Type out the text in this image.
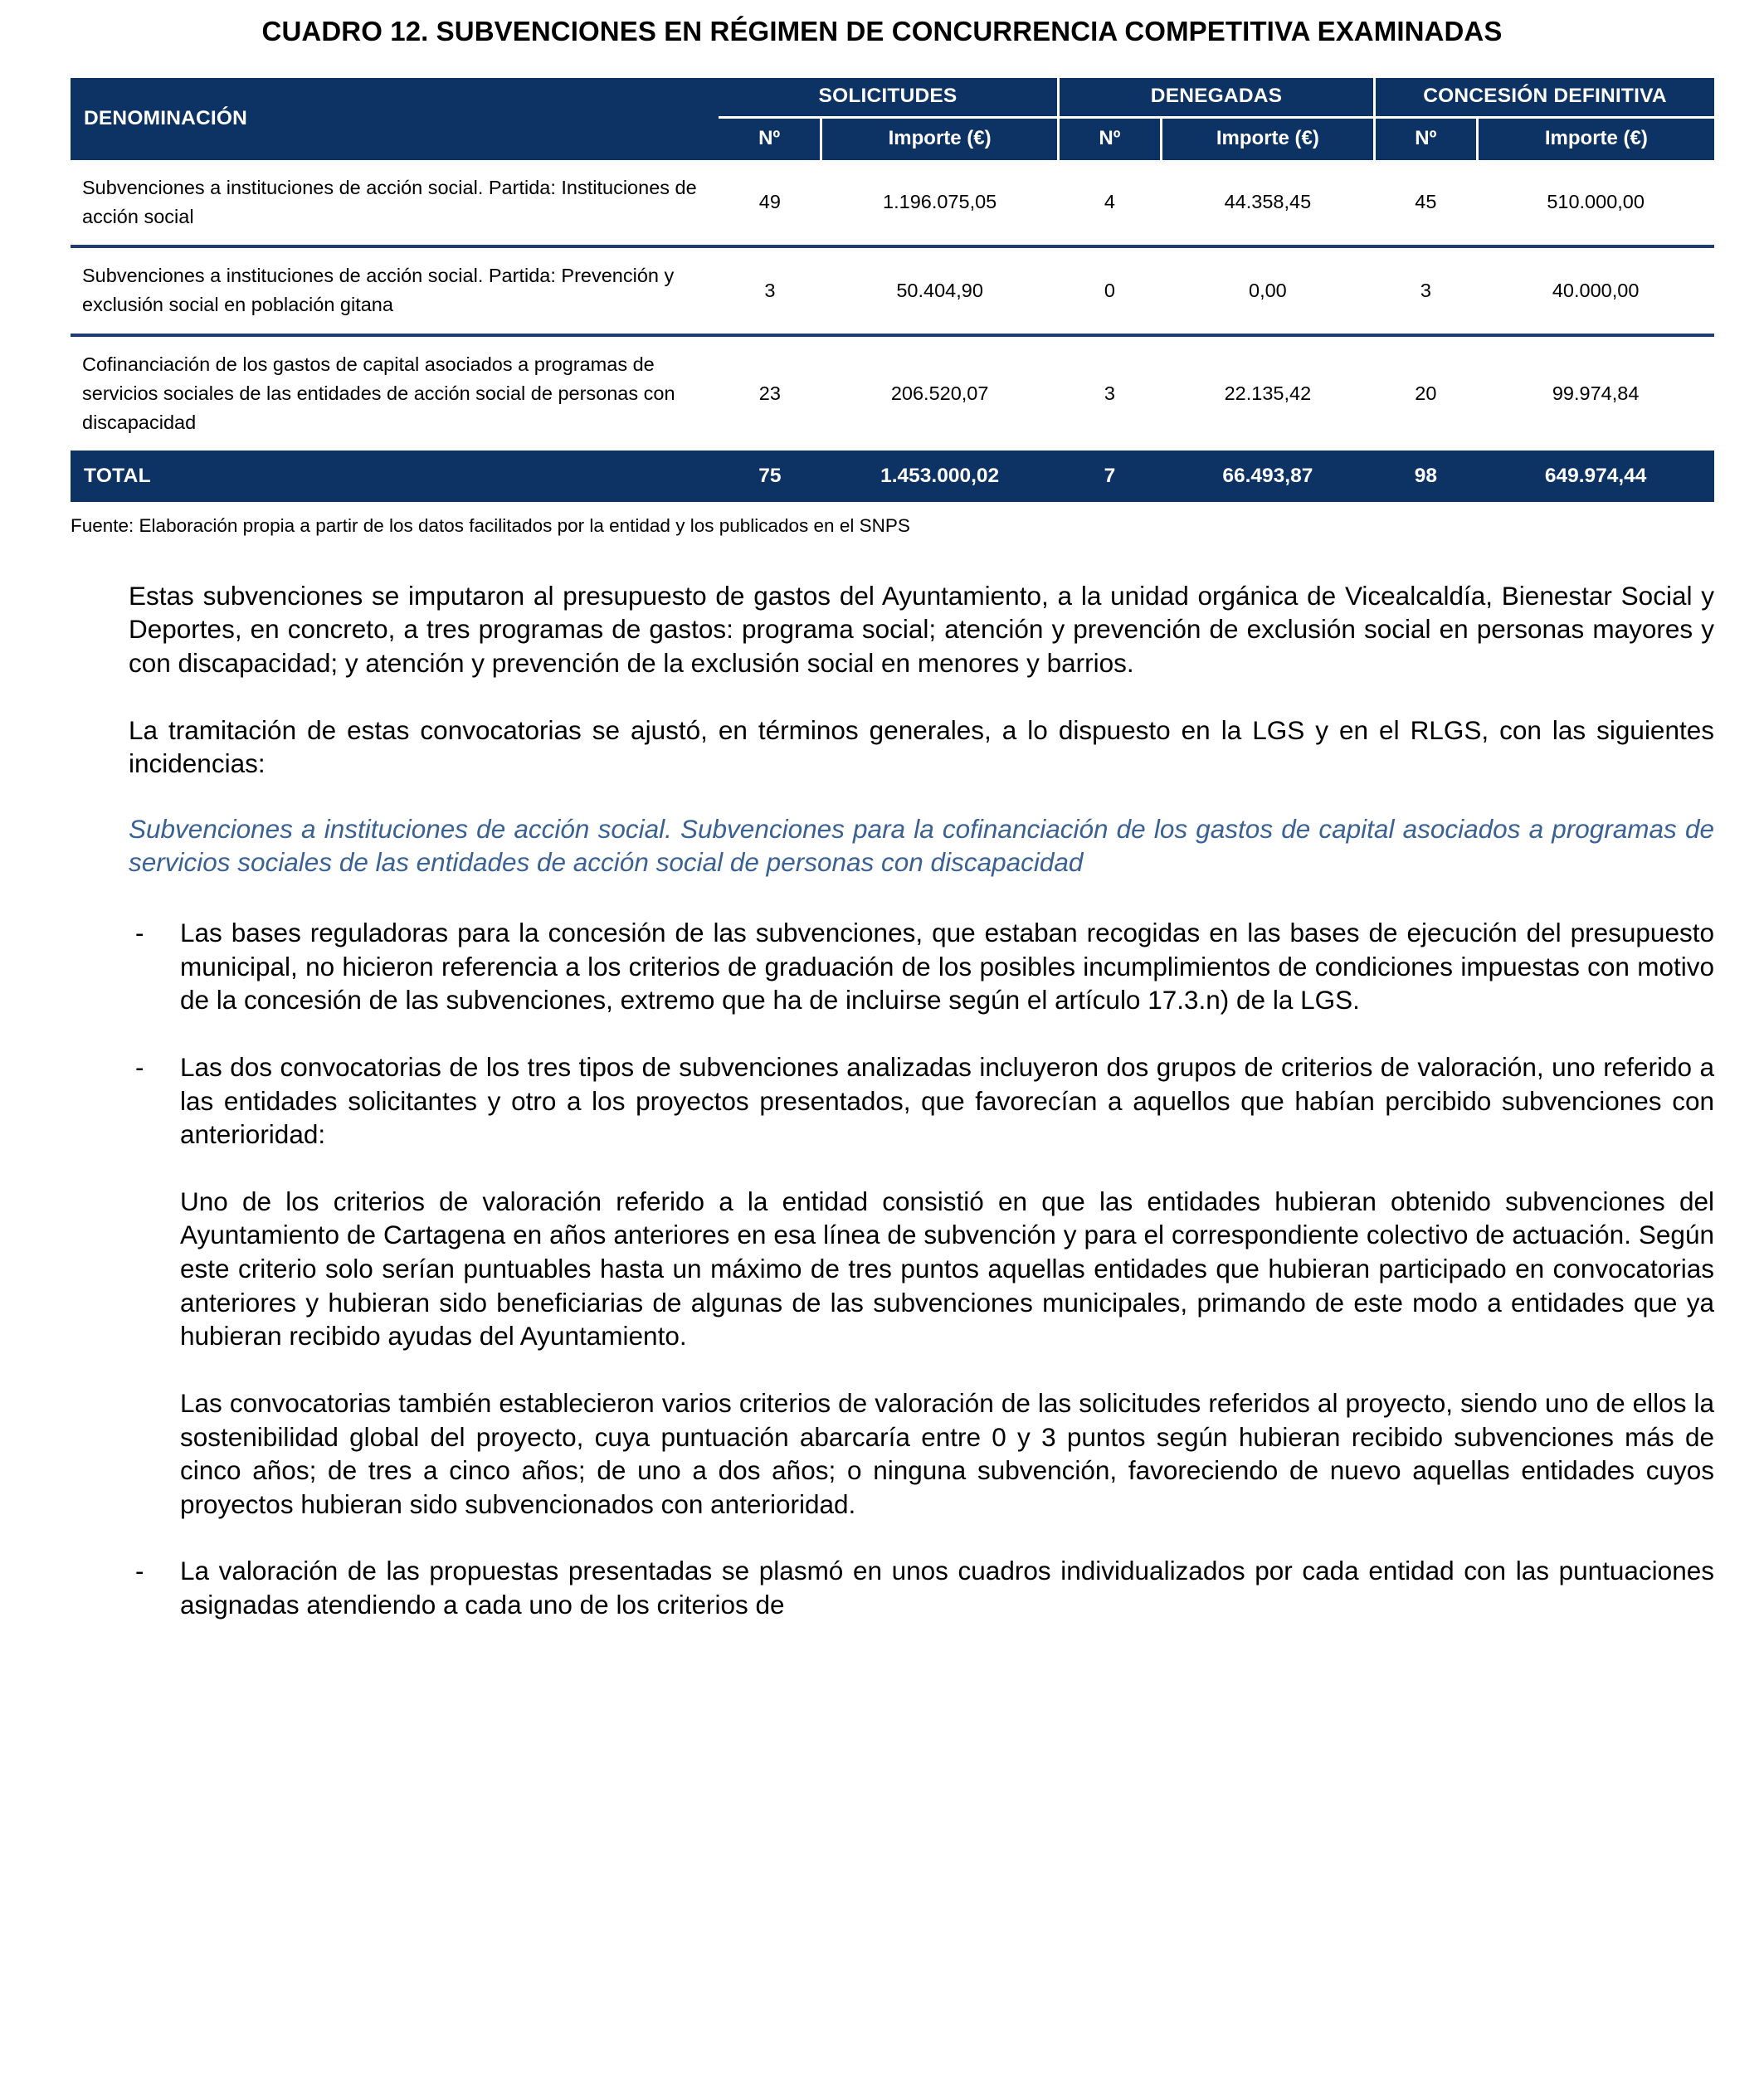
CUADRO 12. SUBVENCIONES EN RÉGIMEN DE CONCURRENCIA COMPETITIVA EXAMINADAS
DENOMINACIÓN	SOLICITUDES		DENEGADAS		CONCESIÓN DEFINITIVA	
	Nº	Importe (€)	Nº	Importe (€)	Nº	Importe (€)
Subvenciones a instituciones de acción social. Partida: Instituciones de acción social	49	1.196.075,05	4	44.358,45	45	510.000,00
Subvenciones a instituciones de acción social. Partida: Prevención y exclusión social en población gitana	3	50.404,90	0	0,00	3	40.000,00
Cofinanciación de los gastos de capital asociados a programas de servicios sociales de las entidades de acción social de personas con discapacidad	23	206.520,07	3	22.135,42	20	99.974,84
TOTAL	75	1.453.000,02	7	66.493,87	98	649.974,44
Fuente: Elaboración propia a partir de los datos facilitados por la entidad y los publicados en el SNPS

Estas subvenciones se imputaron al presupuesto de gastos del Ayuntamiento, a la unidad orgánica de Vicealcaldía, Bienestar Social y Deportes, en concreto, a tres programas de gastos: programa social; atención y prevención de exclusión social en personas mayores y con discapacidad; y atención y prevención de la exclusión social en menores y barrios.

La tramitación de estas convocatorias se ajustó, en términos generales, a lo dispuesto en la LGS y en el RLGS, con las siguientes incidencias:

Subvenciones a instituciones de acción social. Subvenciones para la cofinanciación de los gastos de capital asociados a programas de servicios sociales de las entidades de acción social de personas con discapacidad

- Las bases reguladoras para la concesión de las subvenciones, que estaban recogidas en las bases de ejecución del presupuesto municipal, no hicieron referencia a los criterios de graduación de los posibles incumplimientos de condiciones impuestas con motivo de la concesión de las subvenciones, extremo que ha de incluirse según el artículo 17.3.n) de la LGS.
- Las dos convocatorias de los tres tipos de subvenciones analizadas incluyeron dos grupos de criterios de valoración, uno referido a las entidades solicitantes y otro a los proyectos presentados, que favorecían a aquellos que habían percibido subvenciones con anterioridad:

Uno de los criterios de valoración referido a la entidad consistió en que las entidades hubieran obtenido subvenciones del Ayuntamiento de Cartagena en años anteriores en esa línea de subvención y para el correspondiente colectivo de actuación. Según este criterio solo serían puntuables hasta un máximo de tres puntos aquellas entidades que hubieran participado en convocatorias anteriores y hubieran sido beneficiarias de algunas de las subvenciones municipales, primando de este modo a entidades que ya hubieran recibido ayudas del Ayuntamiento.

Las convocatorias también establecieron varios criterios de valoración de las solicitudes referidos al proyecto, siendo uno de ellos la sostenibilidad global del proyecto, cuya puntuación abarcaría entre 0 y 3 puntos según hubieran recibido subvenciones más de cinco años; de tres a cinco años; de uno a dos años; o ninguna subvención, favoreciendo de nuevo aquellas entidades cuyos proyectos hubieran sido subvencionados con anterioridad.

- La valoración de las propuestas presentadas se plasmó en unos cuadros individualizados por cada entidad con las puntuaciones asignadas atendiendo a cada uno de los criterios de
